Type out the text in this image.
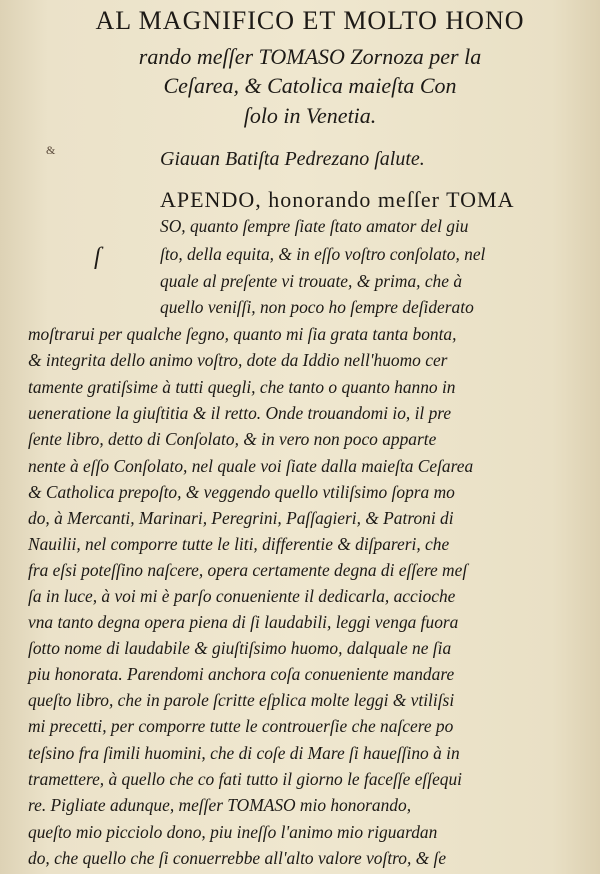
AL MAGNIFICO ET MOLTO HONO
rando meſſer TOMASO Zornoza per la
Ceſarea, & Catolica maieſta Con
ſolo in Venetia.
&	Giauan Batiſta Pedrezano ſalute.
ſ
APENDO, honorando meſſer TOMA
SO, quanto ſempre ſiate ſtato amator del giu
ſto, della equita, & in eſſo voſtro conſolato, nel
quale al preſente vi trouate, & prima, che à
quello veniſſi, non poco ho ſempre deſiderato
moſtrarui per qualche ſegno, quanto mi ſia grata tanta bonta,
& integrita dello animo voſtro, dote da Iddio nell'huomo cer
tamente gratiſsime à tutti quegli, che tanto o quanto hanno in
ueneratione la giuſtitia & il retto. Onde trouandomi io, il pre
ſente libro, detto di Conſolato, & in vero non poco apparte
nente à eſſo Conſolato, nel quale voi ſiate dalla maieſta Ceſarea
& Catholica prepoſto, & veggendo quello vtiliſsimo ſopra mo
do, à Mercanti, Marinari, Peregrini, Paſſagieri, & Patroni di
Nauilii, nel comporre tutte le liti, differentie & diſpareri, che
fra eſsi poteſſino naſcere, opera certamente degna di eſſere meſ
ſa in luce, à voi mi è parſo conueniente il dedicarla, accioche
vna tanto degna opera piena di ſi laudabili, leggi venga fuora
ſotto nome di laudabile & giuſtiſsimo huomo, dalquale ne ſia
piu honorata. Parendomi anchora coſa conueniente mandare
queſto libro, che in parole ſcritte eſplica molte leggi & vtiliſsi
mi precetti, per comporre tutte le controuerſie che naſcere po
teſsino fra ſimili huomini, che di coſe di Mare ſi haueſſino à in
tramettere, à quello che co fati tutto il giorno le faceſſe eſſequi
re. Pigliate adunque, meſſer TOMASO mio honorando,
queſto mio picciolo dono, piu ineſſo l'animo mio riguardan
do, che quello che ſi conuerrebbe all'alto valore voſtro, & ſe
